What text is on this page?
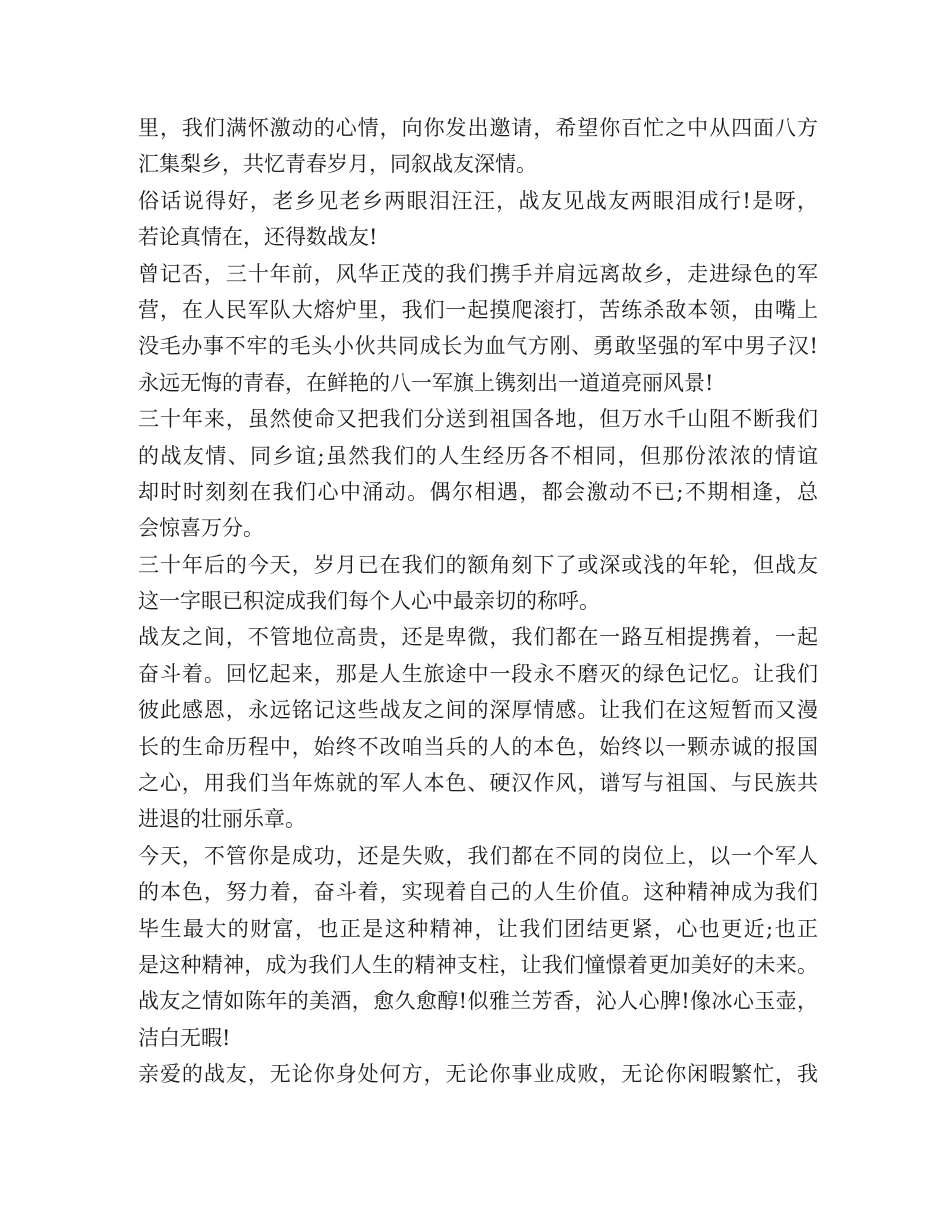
里，我们满怀激动的心情，向你发出邀请，希望你百忙之中从四面八方
汇集梨乡，共忆青春岁月，同叙战友深情。
俗话说得好，老乡见老乡两眼泪汪汪，战友见战友两眼泪成行!是呀，
若论真情在，还得数战友!
曾记否，三十年前，风华正茂的我们携手并肩远离故乡，走进绿色的军
营，在人民军队大熔炉里，我们一起摸爬滚打，苦练杀敌本领，由嘴上
没毛办事不牢的毛头小伙共同成长为血气方刚、勇敢坚强的军中男子汉!
永远无悔的青春，在鲜艳的八一军旗上镌刻出一道道亮丽风景!
三十年来，虽然使命又把我们分送到祖国各地，但万水千山阻不断我们
的战友情、同乡谊;虽然我们的人生经历各不相同，但那份浓浓的情谊
却时时刻刻在我们心中涌动。偶尔相遇，都会激动不已;不期相逢，总
会惊喜万分。
三十年后的今天，岁月已在我们的额角刻下了或深或浅的年轮，但战友
这一字眼已积淀成我们每个人心中最亲切的称呼。
战友之间，不管地位高贵，还是卑微，我们都在一路互相提携着，一起
奋斗着。回忆起来，那是人生旅途中一段永不磨灭的绿色记忆。让我们
彼此感恩，永远铭记这些战友之间的深厚情感。让我们在这短暂而又漫
长的生命历程中，始终不改咱当兵的人的本色，始终以一颗赤诚的报国
之心，用我们当年炼就的军人本色、硬汉作风，谱写与祖国、与民族共
进退的壮丽乐章。
今天，不管你是成功，还是失败，我们都在不同的岗位上，以一个军人
的本色，努力着，奋斗着，实现着自己的人生价值。这种精神成为我们
毕生最大的财富，也正是这种精神，让我们团结更紧，心也更近;也正
是这种精神，成为我们人生的精神支柱，让我们憧憬着更加美好的未来。
战友之情如陈年的美酒，愈久愈醇!似雅兰芳香，沁人心脾!像冰心玉壶，
洁白无暇!
亲爱的战友，无论你身处何方，无论你事业成败，无论你闲暇繁忙，我
